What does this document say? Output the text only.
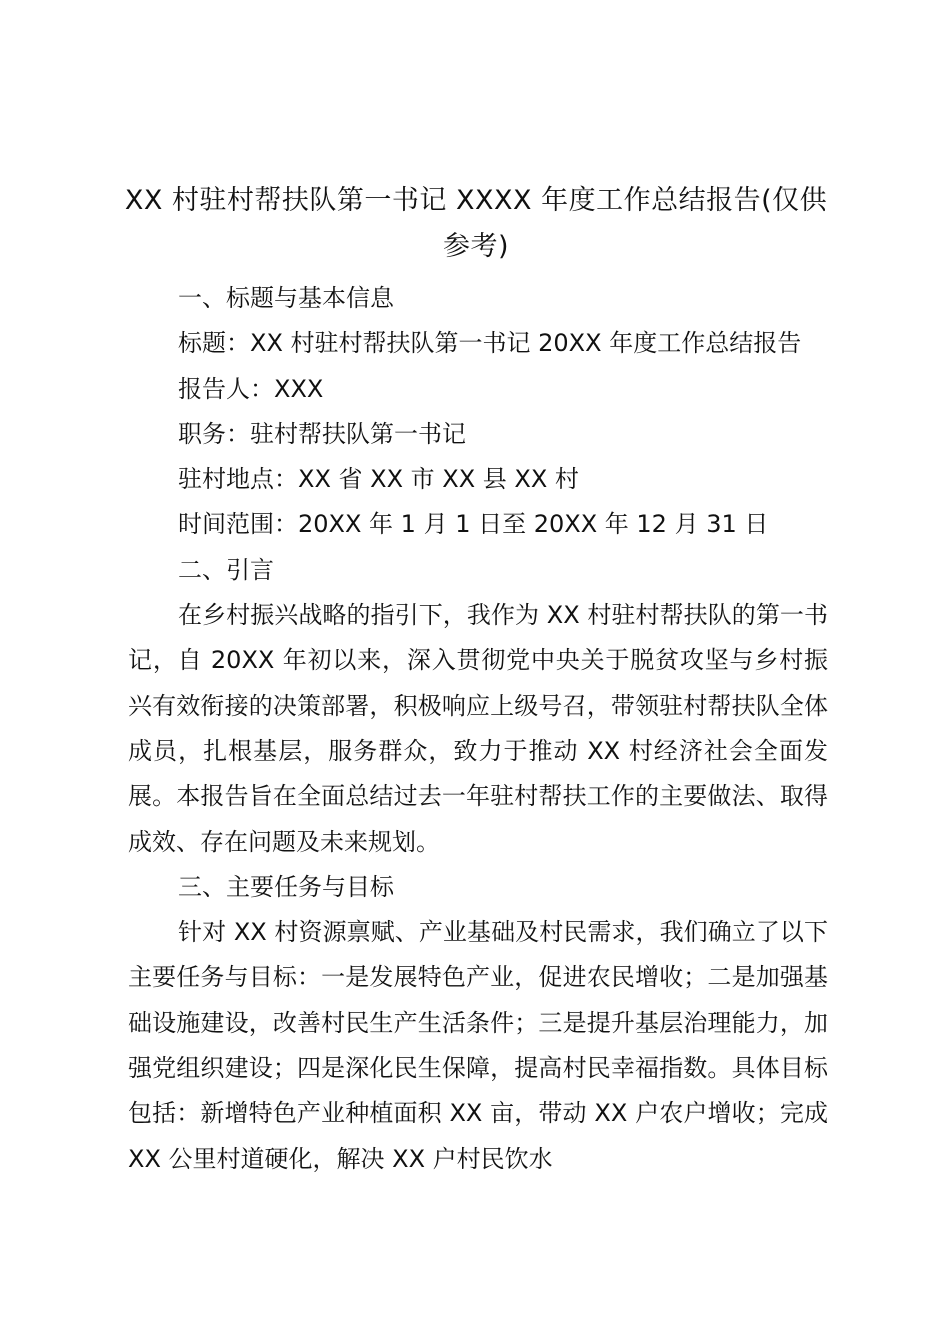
XX 村驻村帮扶队第一书记 XXXX 年度工作总结报告(仅供参考)

一、标题与基本信息

标题：XX 村驻村帮扶队第一书记 20XX 年度工作总结报告

报告人：XXX

职务：驻村帮扶队第一书记

驻村地点：XX 省 XX 市 XX 县 XX 村

时间范围：20XX 年 1 月 1 日至 20XX 年 12 月 31 日

二、引言

在乡村振兴战略的指引下，我作为 XX 村驻村帮扶队的第一书记，自 20XX 年初以来，深入贯彻党中央关于脱贫攻坚与乡村振兴有效衔接的决策部署，积极响应上级号召，带领驻村帮扶队全体成员，扎根基层，服务群众，致力于推动 XX 村经济社会全面发展。本报告旨在全面总结过去一年驻村帮扶工作的主要做法、取得成效、存在问题及未来规划。

三、主要任务与目标

针对 XX 村资源禀赋、产业基础及村民需求，我们确立了以下主要任务与目标：一是发展特色产业，促进农民增收；二是加强基础设施建设，改善村民生产生活条件；三是提升基层治理能力，加强党组织建设；四是深化民生保障，提高村民幸福指数。具体目标包括：新增特色产业种植面积 XX 亩，带动 XX 户农户增收；完成 XX 公里村道硬化，解决 XX 户村民饮水
